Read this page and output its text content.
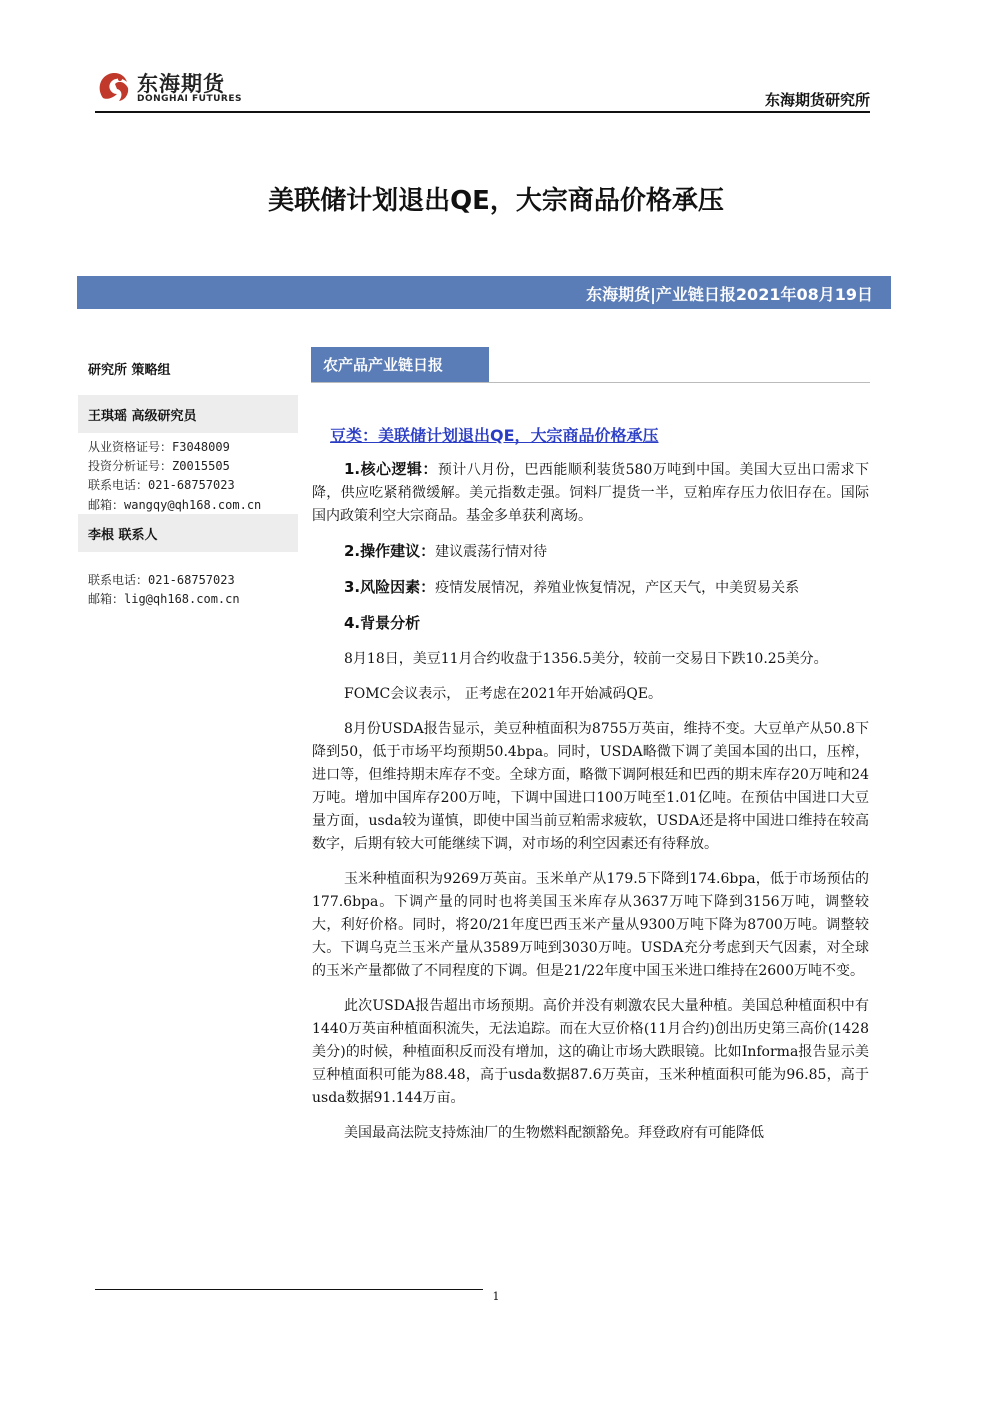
东海期货
DONGHAI FUTURES	东海期货研究所
美联储计划退出QE，大宗商品价格承压
东海期货|产业链日报2021年08月19日
研究所 策略组
王琪瑶 高级研究员
从业资格证号：F3048009
投资分析证号：Z0015505
联系电话：021-68757023
邮箱：wangqy@qh168.com.cn
李根 联系人
联系电话：021-68757023
邮箱：lig@qh168.com.cn
农产品产业链日报
豆类：美联储计划退出QE，大宗商品价格承压

1.核心逻辑：预计八月份，巴西能顺利装货580万吨到中国。美国大豆出口需求下降，供应吃紧稍微缓解。美元指数走强。饲料厂提货一半，豆粕库存压力依旧存在。国际国内政策利空大宗商品。基金多单获利离场。

2.操作建议：建议震荡行情对待

3.风险因素：疫情发展情况，养殖业恢复情况，产区天气，中美贸易关系

4.背景分析

8月18日，美豆11月合约收盘于1356.5美分，较前一交易日下跌10.25美分。

FOMC会议表示， 正考虑在2021年开始减码QE。

8月份USDA报告显示，美豆种植面积为8755万英亩，维持不变。大豆单产从50.8下降到50，低于市场平均预期50.4bpa。同时，USDA略微下调了美国本国的出口，压榨，进口等，但维持期末库存不变。全球方面，略微下调阿根廷和巴西的期末库存20万吨和24万吨。增加中国库存200万吨，下调中国进口100万吨至1.01亿吨。在预估中国进口大豆量方面，usda较为谨慎，即使中国当前豆粕需求疲软，USDA还是将中国进口维持在较高数字，后期有较大可能继续下调，对市场的利空因素还有待释放。

玉米种植面积为9269万英亩。玉米单产从179.5下降到174.6bpa，低于市场预估的177.6bpa。下调产量的同时也将美国玉米库存从3637万吨下降到3156万吨，调整较大，利好价格。同时，将20/21年度巴西玉米产量从9300万吨下降为8700万吨。调整较大。下调乌克兰玉米产量从3589万吨到3030万吨。USDA充分考虑到天气因素，对全球的玉米产量都做了不同程度的下调。但是21/22年度中国玉米进口维持在2600万吨不变。

此次USDA报告超出市场预期。高价并没有刺激农民大量种植。美国总种植面积中有1440万英亩种植面积流失，无法追踪。而在大豆价格(11月合约)创出历史第三高价(1428美分)的时候，种植面积反而没有增加，这的确让市场大跌眼镜。比如Informa报告显示美豆种植面积可能为88.48，高于usda数据87.6万英亩，玉米种植面积可能为96.85，高于usda数据91.144万亩。

美国最高法院支持炼油厂的生物燃料配额豁免。拜登政府有可能降低

1
